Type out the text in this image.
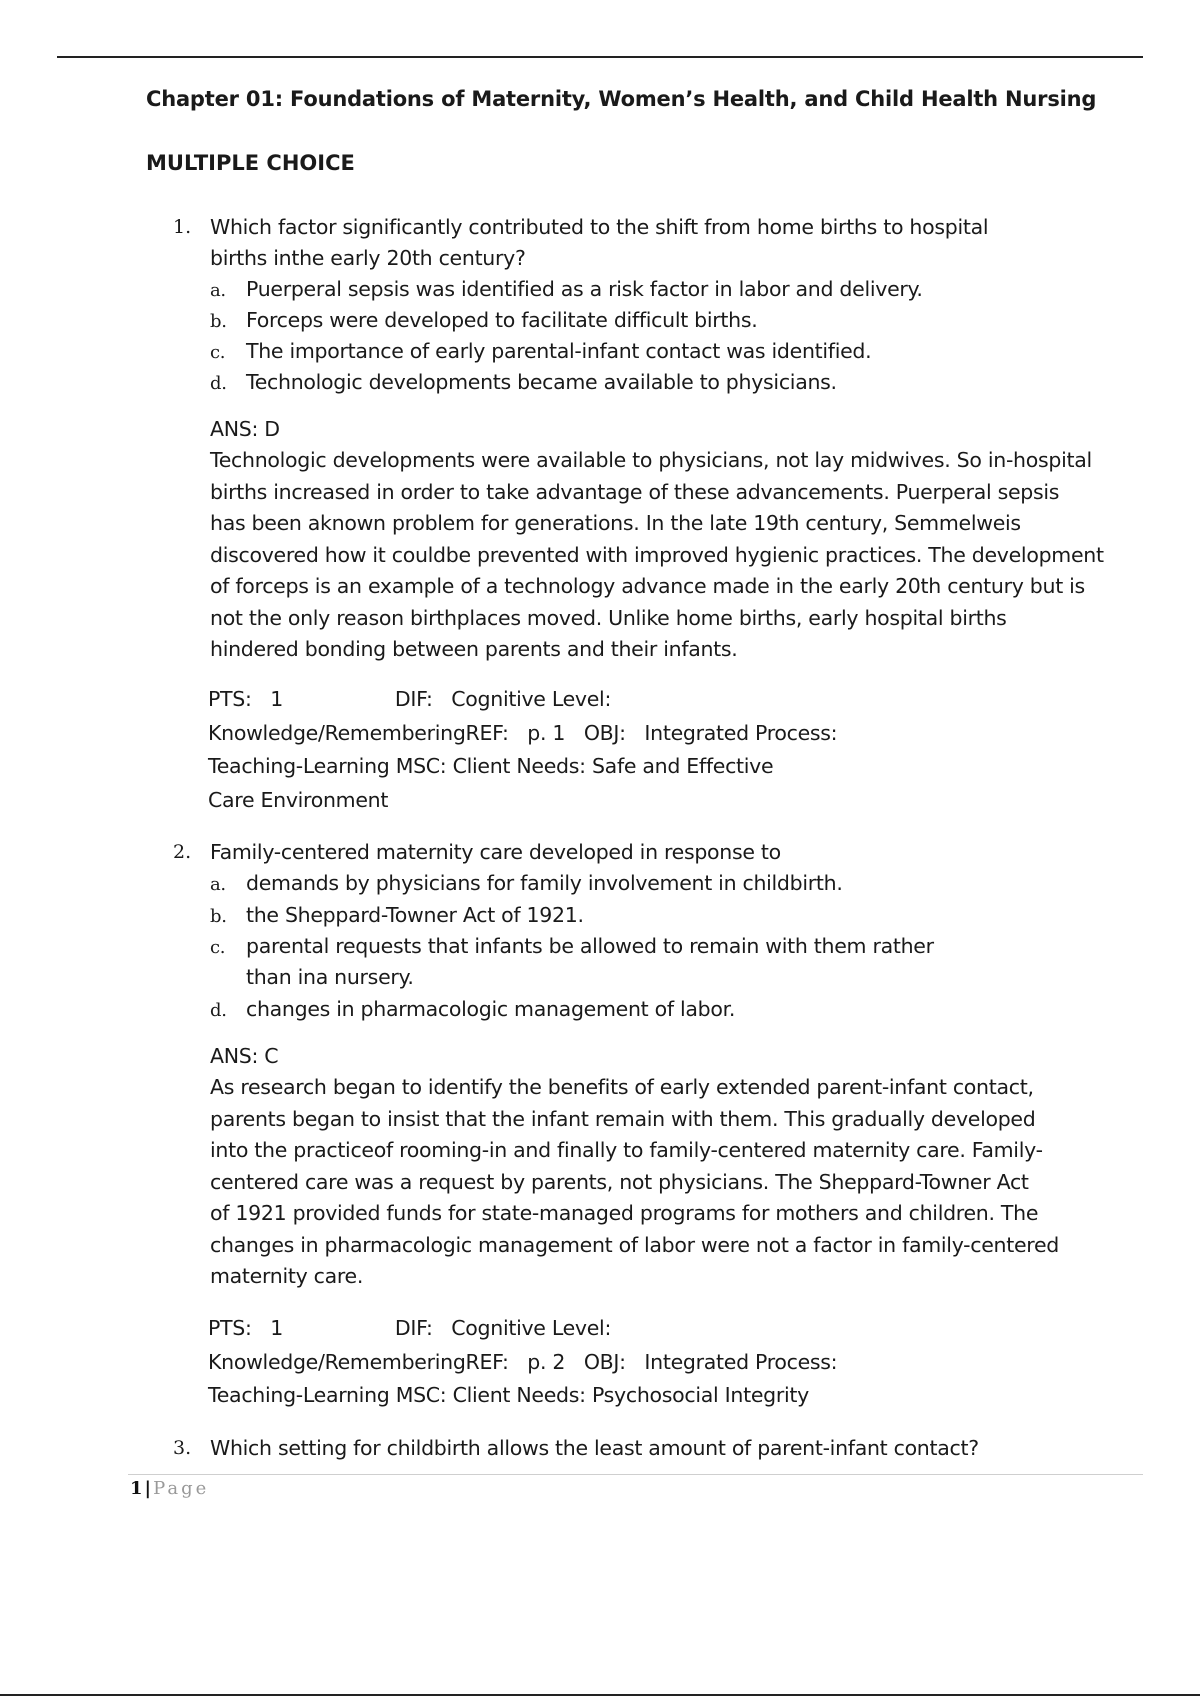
Chapter 01: Foundations of Maternity, Women’s Health, and Child Health Nursing
MULTIPLE CHOICE
1. Which factor significantly contributed to the shift from home births to hospital
births inthe early 20th century?
a. Puerperal sepsis was identified as a risk factor in labor and delivery.
b. Forceps were developed to facilitate difficult births.
c. The importance of early parental-infant contact was identified.
d. Technologic developments became available to physicians.
ANS: D
Technologic developments were available to physicians, not lay midwives. So in-hospital
births increased in order to take advantage of these advancements. Puerperal sepsis
has been aknown problem for generations. In the late 19th century, Semmelweis
discovered how it couldbe prevented with improved hygienic practices. The development
of forceps is an example of a technology advance made in the early 20th century but is
not the only reason birthplaces moved. Unlike home births, early hospital births
hindered bonding between parents and their infants.
PTS:   1                  DIF:   Cognitive Level:
Knowledge/RememberingREF:   p. 1   OBJ:   Integrated Process:
Teaching-Learning MSC: Client Needs: Safe and Effective
Care Environment
2. Family-centered maternity care developed in response to
a. demands by physicians for family involvement in childbirth.
b. the Sheppard-Towner Act of 1921.
c. parental requests that infants be allowed to remain with them rather
than ina nursery.
d. changes in pharmacologic management of labor.
ANS: C
As research began to identify the benefits of early extended parent-infant contact,
parents began to insist that the infant remain with them. This gradually developed
into the practiceof rooming-in and finally to family-centered maternity care. Family-
centered care was a request by parents, not physicians. The Sheppard-Towner Act
of 1921 provided funds for state-managed programs for mothers and children. The
changes in pharmacologic management of labor were not a factor in family-centered
maternity care.
PTS:   1                  DIF:   Cognitive Level:
Knowledge/RememberingREF:   p. 2   OBJ:   Integrated Process:
Teaching-Learning MSC: Client Needs: Psychosocial Integrity
3. Which setting for childbirth allows the least amount of parent-infant contact?
1 | Page
